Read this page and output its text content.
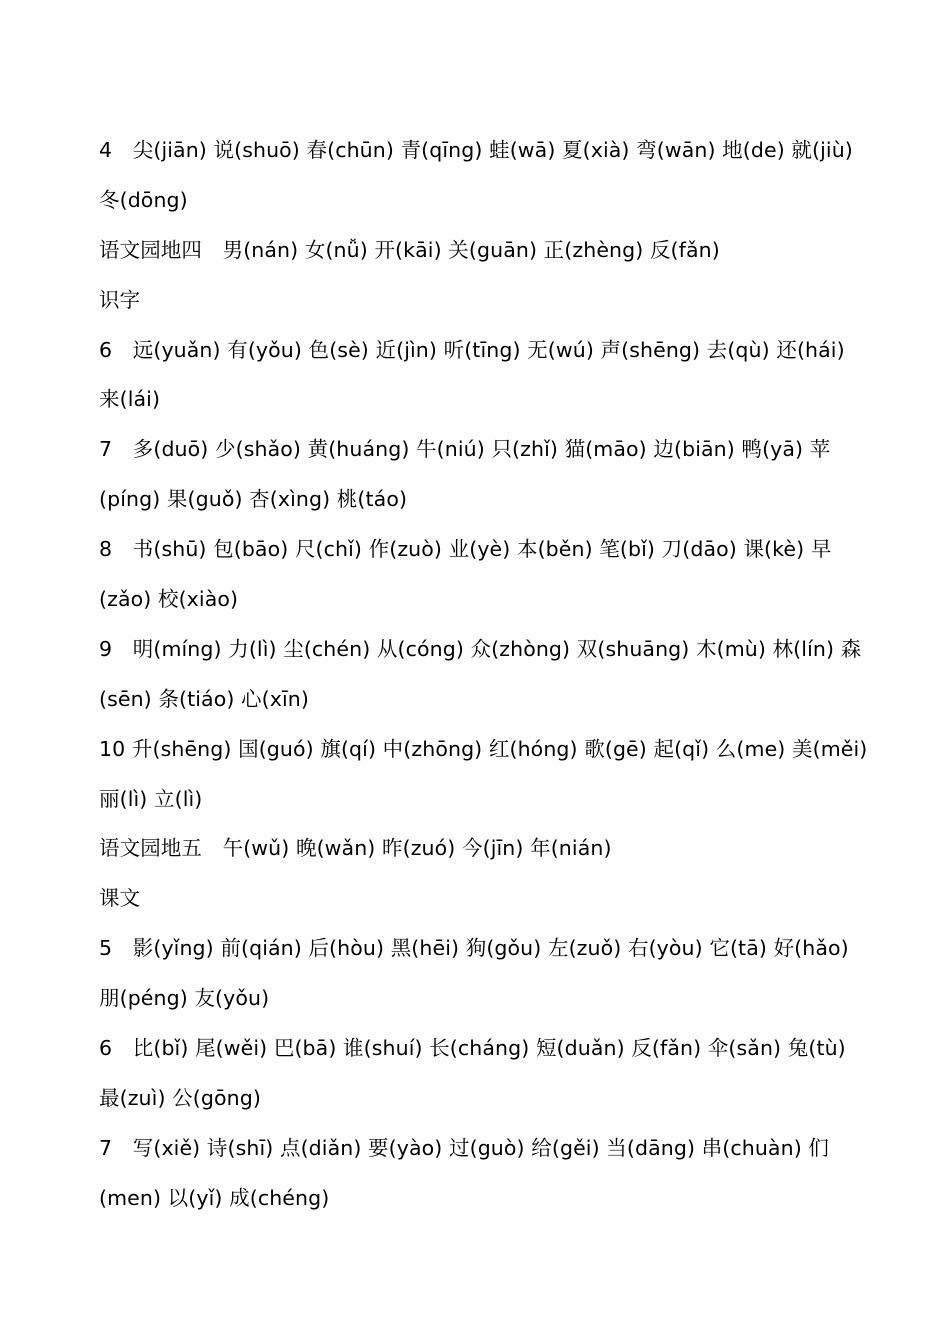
4　尖(jiān) 说(shuō) 春(chūn) 青(qīng) 蛙(wā) 夏(xià) 弯(wān) 地(de) 就(jiù)
冬(dōng)
语文园地四　男(nán) 女(nǚ) 开(kāi) 关(guān) 正(zhèng) 反(fǎn)
识字
6　远(yuǎn) 有(yǒu) 色(sè) 近(jìn) 听(tīng) 无(wú) 声(shēng) 去(qù) 还(hái)
来(lái)
7　多(duō) 少(shǎo) 黄(huáng) 牛(niú) 只(zhǐ) 猫(māo) 边(biān) 鸭(yā) 苹
(píng) 果(guǒ) 杏(xìng) 桃(táo)
8　书(shū) 包(bāo) 尺(chǐ) 作(zuò) 业(yè) 本(běn) 笔(bǐ) 刀(dāo) 课(kè) 早
(zǎo) 校(xiào)
9　明(míng) 力(lì) 尘(chén) 从(cóng) 众(zhòng) 双(shuāng) 木(mù) 林(lín) 森
(sēn) 条(tiáo) 心(xīn)
10 升(shēng) 国(guó) 旗(qí) 中(zhōng) 红(hóng) 歌(gē) 起(qǐ) 么(me) 美(měi)
丽(lì) 立(lì)
语文园地五　午(wǔ) 晚(wǎn) 昨(zuó) 今(jīn) 年(nián)
课文
5　影(yǐng) 前(qián) 后(hòu) 黑(hēi) 狗(gǒu) 左(zuǒ) 右(yòu) 它(tā) 好(hǎo)
朋(péng) 友(yǒu)
6　比(bǐ) 尾(wěi) 巴(bā) 谁(shuí) 长(cháng) 短(duǎn) 反(fǎn) 伞(sǎn) 兔(tù)
最(zuì) 公(gōng)
7　写(xiě) 诗(shī) 点(diǎn) 要(yào) 过(guò) 给(gěi) 当(dāng) 串(chuàn) 们
(men) 以(yǐ) 成(chéng)
